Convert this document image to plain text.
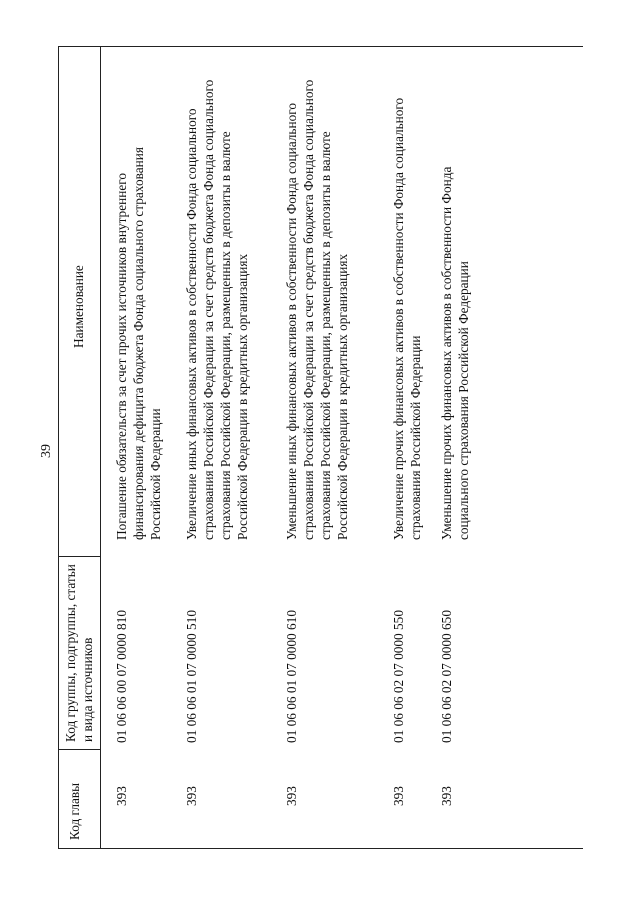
39
Код главы
Код группы, подгруппы, статьи и вида источников
Наименование
393
01 06 06 00 07 0000 810
Погашение обязательств за счет прочих источников внутреннего финансирования дефицита бюджета Фонда социального страхования Российской Федерации
393
01 06 06 01 07 0000 510
Увеличение иных финансовых активов в собственности Фонда социального страхования Российской Федерации за счет средств бюджета Фонда социального страхования Российской Федерации, размещенных в депозиты в валюте Российской Федерации в кредитных организациях
393
01 06 06 01 07 0000 610
Уменьшение иных финансовых активов в собственности Фонда социального страхования Российской Федерации за счет средств бюджета Фонда социального страхования Российской Федерации, размещенных в депозиты в валюте Российской Федерации в кредитных организациях
393
01 06 06 02 07 0000 550
Увеличение прочих финансовых активов в собственности Фонда социального страхования Российской Федерации
393
01 06 06 02 07 0000 650
Уменьшение прочих финансовых активов в собственности Фонда социального страхования Российской Федерации
